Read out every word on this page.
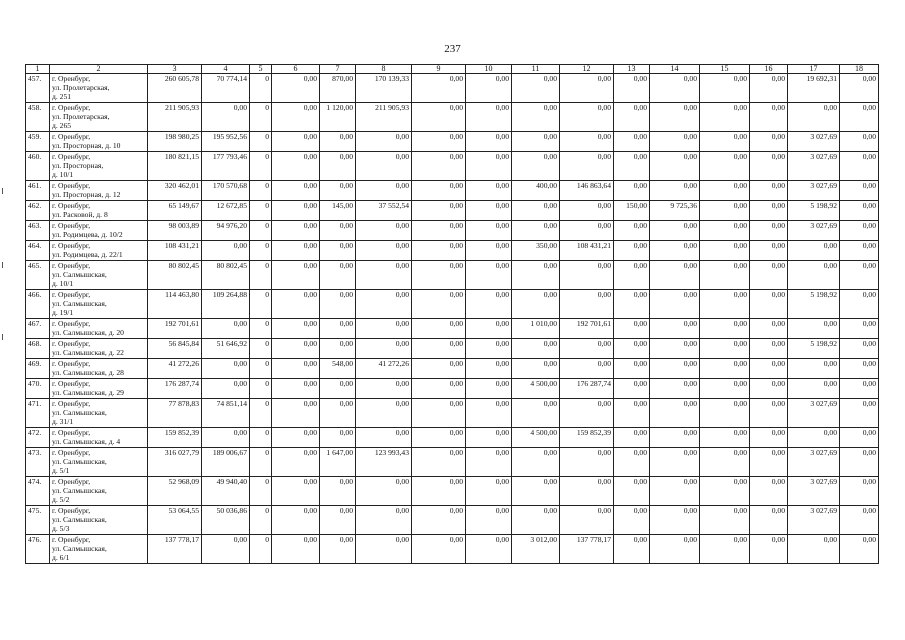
237
1	2	3	4	5	6	7	8	9	10	11	12	13	14	15	16	17	18
457.	г. Оренбург,
ул. Пролетарская,
д. 251	260 605,78	70 774,14	0	0,00	870,00	170 139,33	0,00	0,00	0,00	0,00	0,00	0,00	0,00	0,00	19 692,31	0,00
458.	г. Оренбург,
ул. Пролетарская,
д. 265	211 905,93	0,00	0	0,00	1 120,00	211 905,93	0,00	0,00	0,00	0,00	0,00	0,00	0,00	0,00	0,00	0,00
459.	г. Оренбург,
ул. Просторная, д. 10	198 980,25	195 952,56	0	0,00	0,00	0,00	0,00	0,00	0,00	0,00	0,00	0,00	0,00	0,00	3 027,69	0,00
460.	г. Оренбург,
ул. Просторная,
д. 10/1	180 821,15	177 793,46	0	0,00	0,00	0,00	0,00	0,00	0,00	0,00	0,00	0,00	0,00	0,00	3 027,69	0,00
461.	г. Оренбург,
ул. Просторная, д. 12	320 462,01	170 570,68	0	0,00	0,00	0,00	0,00	0,00	400,00	146 863,64	0,00	0,00	0,00	0,00	3 027,69	0,00
462.	г. Оренбург,
ул. Расковой, д. 8	65 149,67	12 672,85	0	0,00	145,00	37 552,54	0,00	0,00	0,00	0,00	150,00	9 725,36	0,00	0,00	5 198,92	0,00
463.	г. Оренбург,
ул. Родимцева, д. 10/2	98 003,89	94 976,20	0	0,00	0,00	0,00	0,00	0,00	0,00	0,00	0,00	0,00	0,00	0,00	3 027,69	0,00
464.	г. Оренбург,
ул. Родимцева, д. 22/1	108 431,21	0,00	0	0,00	0,00	0,00	0,00	0,00	350,00	108 431,21	0,00	0,00	0,00	0,00	0,00	0,00
465.	г. Оренбург,
ул. Салмышская,
д. 10/1	80 802,45	80 802,45	0	0,00	0,00	0,00	0,00	0,00	0,00	0,00	0,00	0,00	0,00	0,00	0,00	0,00
466.	г. Оренбург,
ул. Салмышская,
д. 19/1	114 463,80	109 264,88	0	0,00	0,00	0,00	0,00	0,00	0,00	0,00	0,00	0,00	0,00	0,00	5 198,92	0,00
467.	г. Оренбург,
ул. Салмышская, д. 20	192 701,61	0,00	0	0,00	0,00	0,00	0,00	0,00	1 010,00	192 701,61	0,00	0,00	0,00	0,00	0,00	0,00
468.	г. Оренбург,
ул. Салмышская, д. 22	56 845,84	51 646,92	0	0,00	0,00	0,00	0,00	0,00	0,00	0,00	0,00	0,00	0,00	0,00	5 198,92	0,00
469.	г. Оренбург,
ул. Салмышская, д. 28	41 272,26	0,00	0	0,00	548,00	41 272,26	0,00	0,00	0,00	0,00	0,00	0,00	0,00	0,00	0,00	0,00
470.	г. Оренбург,
ул. Салмышская, д. 29	176 287,74	0,00	0	0,00	0,00	0,00	0,00	0,00	4 500,00	176 287,74	0,00	0,00	0,00	0,00	0,00	0,00
471.	г. Оренбург,
ул. Салмышская,
д. 31/1	77 878,83	74 851,14	0	0,00	0,00	0,00	0,00	0,00	0,00	0,00	0,00	0,00	0,00	0,00	3 027,69	0,00
472.	г. Оренбург,
ул. Салмышская, д. 4	159 852,39	0,00	0	0,00	0,00	0,00	0,00	0,00	4 500,00	159 852,39	0,00	0,00	0,00	0,00	0,00	0,00
473.	г. Оренбург,
ул. Салмышская,
д. 5/1	316 027,79	189 006,67	0	0,00	1 647,00	123 993,43	0,00	0,00	0,00	0,00	0,00	0,00	0,00	0,00	3 027,69	0,00
474.	г. Оренбург,
ул. Салмышская,
д. 5/2	52 968,09	49 940,40	0	0,00	0,00	0,00	0,00	0,00	0,00	0,00	0,00	0,00	0,00	0,00	3 027,69	0,00
475.	г. Оренбург,
ул. Салмышская,
д. 5/3	53 064,55	50 036,86	0	0,00	0,00	0,00	0,00	0,00	0,00	0,00	0,00	0,00	0,00	0,00	3 027,69	0,00
476.	г. Оренбург,
ул. Салмышская,
д. 6/1	137 778,17	0,00	0	0,00	0,00	0,00	0,00	0,00	3 012,00	137 778,17	0,00	0,00	0,00	0,00	0,00	0,00
